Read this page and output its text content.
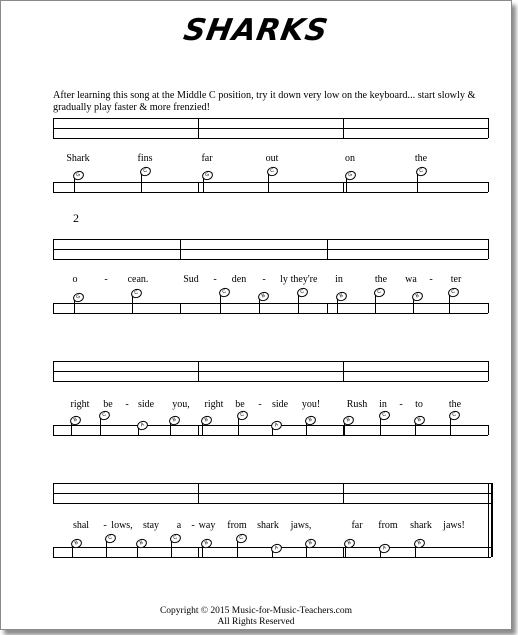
SHARKS
After learning this song at the Middle C position, try it down very low on the keyboard... start slowly & gradually play faster & more frenzied!
2
Shark	fins	far	out	on	the
G
C
G
C
G
C
o	- cean.	Sud - den - ly they're in	the wa - ter
G
C	C
B
C
B
C
B
C
right be - side you, right be - side you!	Rush in - to	the
B
C
A
B	B
C
A
B	B
C
B
C
shal - lows, stay a - way from shark jaws,	far from shark jaws!
B
C
B
C
B
C
A
B	B
A
B
Copyright © 2015 Music-for-Music-Teachers.com
All Rights Reserved
